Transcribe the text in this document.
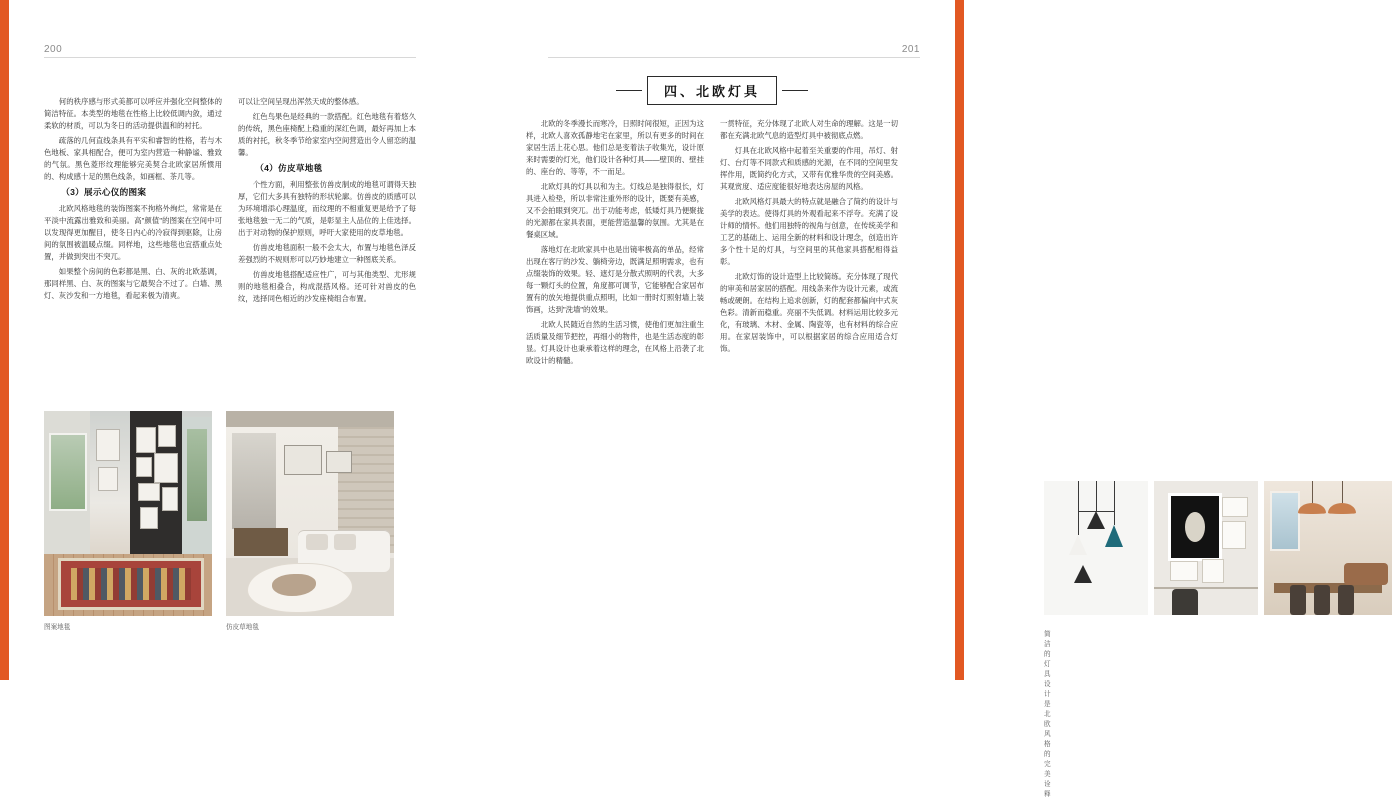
200

何的秩序感与形式美都可以呼应并强化空间整体的简洁特征。本类型的地毯在性格上比较低调内敛，通过柔软的材质，可以为冬日的活动提供温和的衬托。

疏落的几何直线条具有平实和睿智的性格，若与木色地板、家具相配合，便可为室内营造一种静谧、雅致的气氛。黑色菱形纹理能够完美契合北欧家居所惯用的、构成感十足的黑色线条，如画框、茶几等。

（3）展示心仪的图案

北欧风格地毯的装饰图案不拘格外绚烂，常常是在平淡中流露出雅致和美丽。高"颜值"的图案在空间中可以发现得更加醒目，使冬日内心的冷寂得到驱除，让房间的氛围被温暖点缀。同样地，这些地毯也宜搭重点处置，并做到突出不突兀。

如果整个房间的色彩都是黑、白、灰的北欧基调，那同样黑、白、灰的图案与它最契合不过了。白墙、黑灯、灰沙发和一方地毯，看起来极为清爽。

可以让空间呈现出浑然天成的整体感。

红色鸟果色是经典的一款搭配。红色地毯有着悠久的传统，黑色座椅配上稳重的深红色调，最好再加上本质的衬托，秋冬季节给家室内空间营造出令人留恋的温馨。

（4）仿皮草地毯

个性方面，利用整张仿兽皮制成的地毯可谓得天独厚，它们大多具有独特的形状轮廓。仿兽皮的质感可以为环境增添心理温度，而纹理的不相重复更是给予了每张地毯独一无二的气质，是彰显主人品位的上佳选择。出于对动物的保护原则，呼吁大家使用的皮草地毯。

仿兽皮地毯面积一般不会太大，布置与地毯色泽反差强烈的不规则形可以巧妙地建立一种图底关系。

仿兽皮地毯搭配适应性广，可与其他类型、尤形规则的地毯相叠合，构成混搭风格。还可针对兽皮的色纹，选择同色相近的沙发座椅组合布置。

图案地毯	仿皮草地毯
201
四、北欧灯具

北欧的冬季漫长而寒冷，日照时间很短，正因为这样，北欧人喜欢孤静地宅在家里，所以有更多的时间在家居生活上花心思。他们总是变着法子收集光，设计原来时需要的灯光，他们设计各种灯具——壁顶的、壁挂的、座台的、等等，不一而足。

北欧灯具的灯具以和为主。灯线总是独得很长，灯具进入检垫，所以非常注重外形的设计，既要有美感，又不会拍眼到突兀。出于功能考虑，低矮灯具乃便聚拢的光源都在家具表面，更能营造温馨的氛围。尤其是在餐桌区域。

落地灯在北欧家具中也是出镜率极高的单品，经常出现在客厅的沙发、躺椅旁边，既满足照明需求，也有点缀装饰的效果。轻、遮灯是分散式照明的代表，大多每一颗灯头的位置，角度都可调节，它能够配合家居布置有的放矢地提供重点照明，比如一册时灯照射墙上装饰画，达到"洗墙"的效果。

北欧人民随近自然的生活习惯，使他们更加注重生活质量及细节把控，再细小的物件，也是生活态度的彰显。灯具设计也秉承着这样的理念，在风格上沿袭了北欧设计的精髓。

一贯特征，充分体现了北欧人对生命的理解。这是一切都在充满北欧气息的造型灯具中被彻底点燃。

灯具在北欧风格中起着至关重要的作用，吊灯、射灯、台灯等不同款式和质感的光源，在不同的空间里发挥作用，既简约化方式，又带有优雅华贵的空间美感。其观赏度、适应度能很好地表达房屋的风格。

北欧风格灯具最大的特点就是融合了简约的设计与美学的表达。使得灯具的外观看起来不浮夸。充满了设计师的情怀。他们用独特的视角与创意，在传统美学和工艺的基础上、运用全新的材料和设计理念，创造出许多个性十足的灯具，与空间里的其他家具搭配相得益彰。

北欧灯饰的设计造型上比较简练。充分体现了现代的审美和居家居的搭配。用线条来作为设计元素，或流畅或硬朗。在结构上追求创新，灯的配套都偏向中式灰色彩。清新而稳重。亮丽不失低调。材料运用比较多元化，有玻璃、木材、金属、陶瓷等，也有材料的综合应用。在家居装饰中，可以根据家居的综合应用适合灯饰。

简洁的灯具设计是北欧风格的完美诠释
